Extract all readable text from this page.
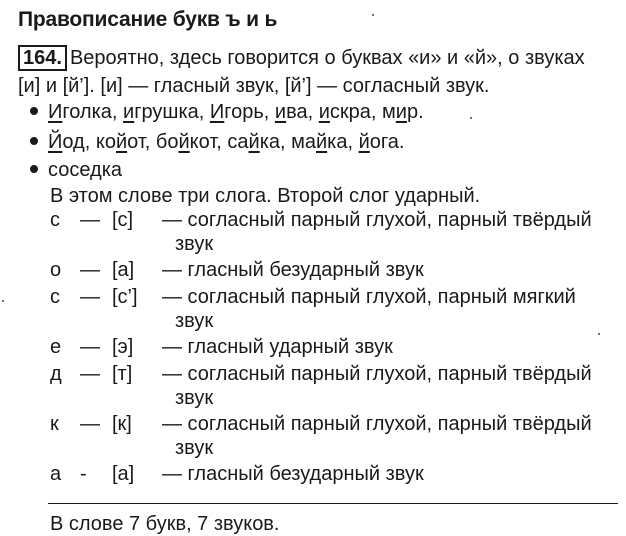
Правописание букв ъ и ь
164. Вероятно, здесь говорится о буквах «и» и «й», о звуках
[и] и [й’]. [и] — гласный звук, [й’] — согласный звук.
Иголка, игрушка, Игорь, ива, искра, мир.
Йод, койот, бойкот, сайка, майка, йога.
соседка
В этом слове три слога. Второй слог ударный.
с — [с] — согласный парный глухой, парный твёрдый
звук
о — [а] — гласный безударный звук
с — [с’] — согласный парный глухой, парный мягкий
звук
е — [э] — гласный ударный звук
д — [т] — согласный парный глухой, парный твёрдый
звук
к — [к] — согласный парный глухой, парный твёрдый
звук
а - [а] — гласный безударный звук
В слове 7 букв, 7 звуков.
